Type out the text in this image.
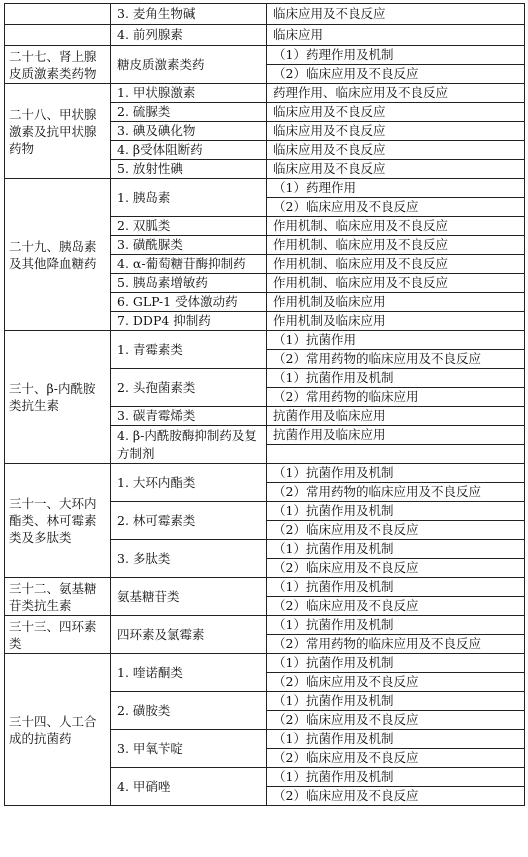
	3. 麦角生物碱	临床应用及不良反应
	4. 前列腺素	临床应用
二十七、肾上腺皮质激素类药物	糖皮质激素类药	（1）药理作用及机制
		（2）临床应用及不良反应
二十八、甲状腺激素及抗甲状腺药物	1. 甲状腺激素	药理作用、临床应用及不良反应
	2. 硫脲类	临床应用及不良反应
	3. 碘及碘化物	临床应用及不良反应
	4. β受体阻断药	临床应用及不良反应
	5. 放射性碘	临床应用及不良反应
二十九、胰岛素及其他降血糖药	1. 胰岛素	（1）药理作用
		（2）临床应用及不良反应
	2. 双胍类	作用机制、临床应用及不良反应
	3. 磺酰脲类	作用机制、临床应用及不良反应
	4. α-葡萄糖苷酶抑制药	作用机制、临床应用及不良反应
	5. 胰岛素增敏药	作用机制、临床应用及不良反应
	6. GLP-1 受体激动药	作用机制及临床应用
	7. DDP4 抑制药	作用机制及临床应用
三十、β-内酰胺类抗生素	1. 青霉素类	（1）抗菌作用
		（2）常用药物的临床应用及不良反应
	2. 头孢菌素类	（1）抗菌作用及机制
		（2）常用药物的临床应用
	3. 碳青霉烯类	抗菌作用及临床应用
	4. β-内酰胺酶抑制药及复方制剂	抗菌作用及临床应用

三十一、大环内酯类、林可霉素类及多肽类	1. 大环内酯类	（1）抗菌作用及机制
		（2）常用药物的临床应用及不良反应
	2. 林可霉素类	（1）抗菌作用及机制
		（2）临床应用及不良反应
	3. 多肽类	（1）抗菌作用及机制
		（2）临床应用及不良反应
三十二、氨基糖苷类抗生素	氨基糖苷类	（1）抗菌作用及机制
		（2）临床应用及不良反应
三十三、四环素类	四环素及氯霉素	（1）抗菌作用及机制
		（2）常用药物的临床应用及不良反应
三十四、人工合成的抗菌药	1. 喹诺酮类	（1）抗菌作用及机制
		（2）临床应用及不良反应
	2. 磺胺类	（1）抗菌作用及机制
		（2）临床应用及不良反应
	3. 甲氧苄啶	（1）抗菌作用及机制
		（2）临床应用及不良反应
	4. 甲硝唑	（1）抗菌作用及机制
		（2）临床应用及不良反应
